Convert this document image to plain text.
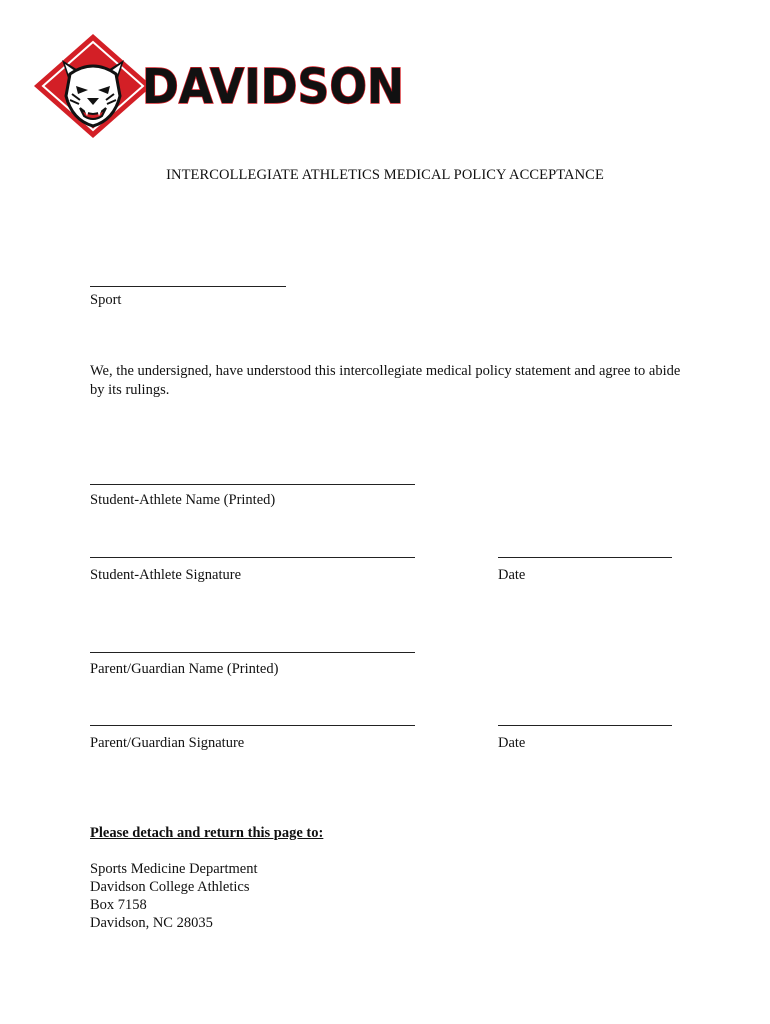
DAVIDSON
INTERCOLLEGIATE ATHLETICS MEDICAL POLICY ACCEPTANCE
Sport
We, the undersigned, have understood this intercollegiate medical policy statement and agree to abide by its rulings.
Student-Athlete Name (Printed)
Student-Athlete Signature	Date
Parent/Guardian Name (Printed)
Parent/Guardian Signature	Date
Please detach and return this page to:
Sports Medicine Department
Davidson College Athletics
Box 7158
Davidson, NC 28035
